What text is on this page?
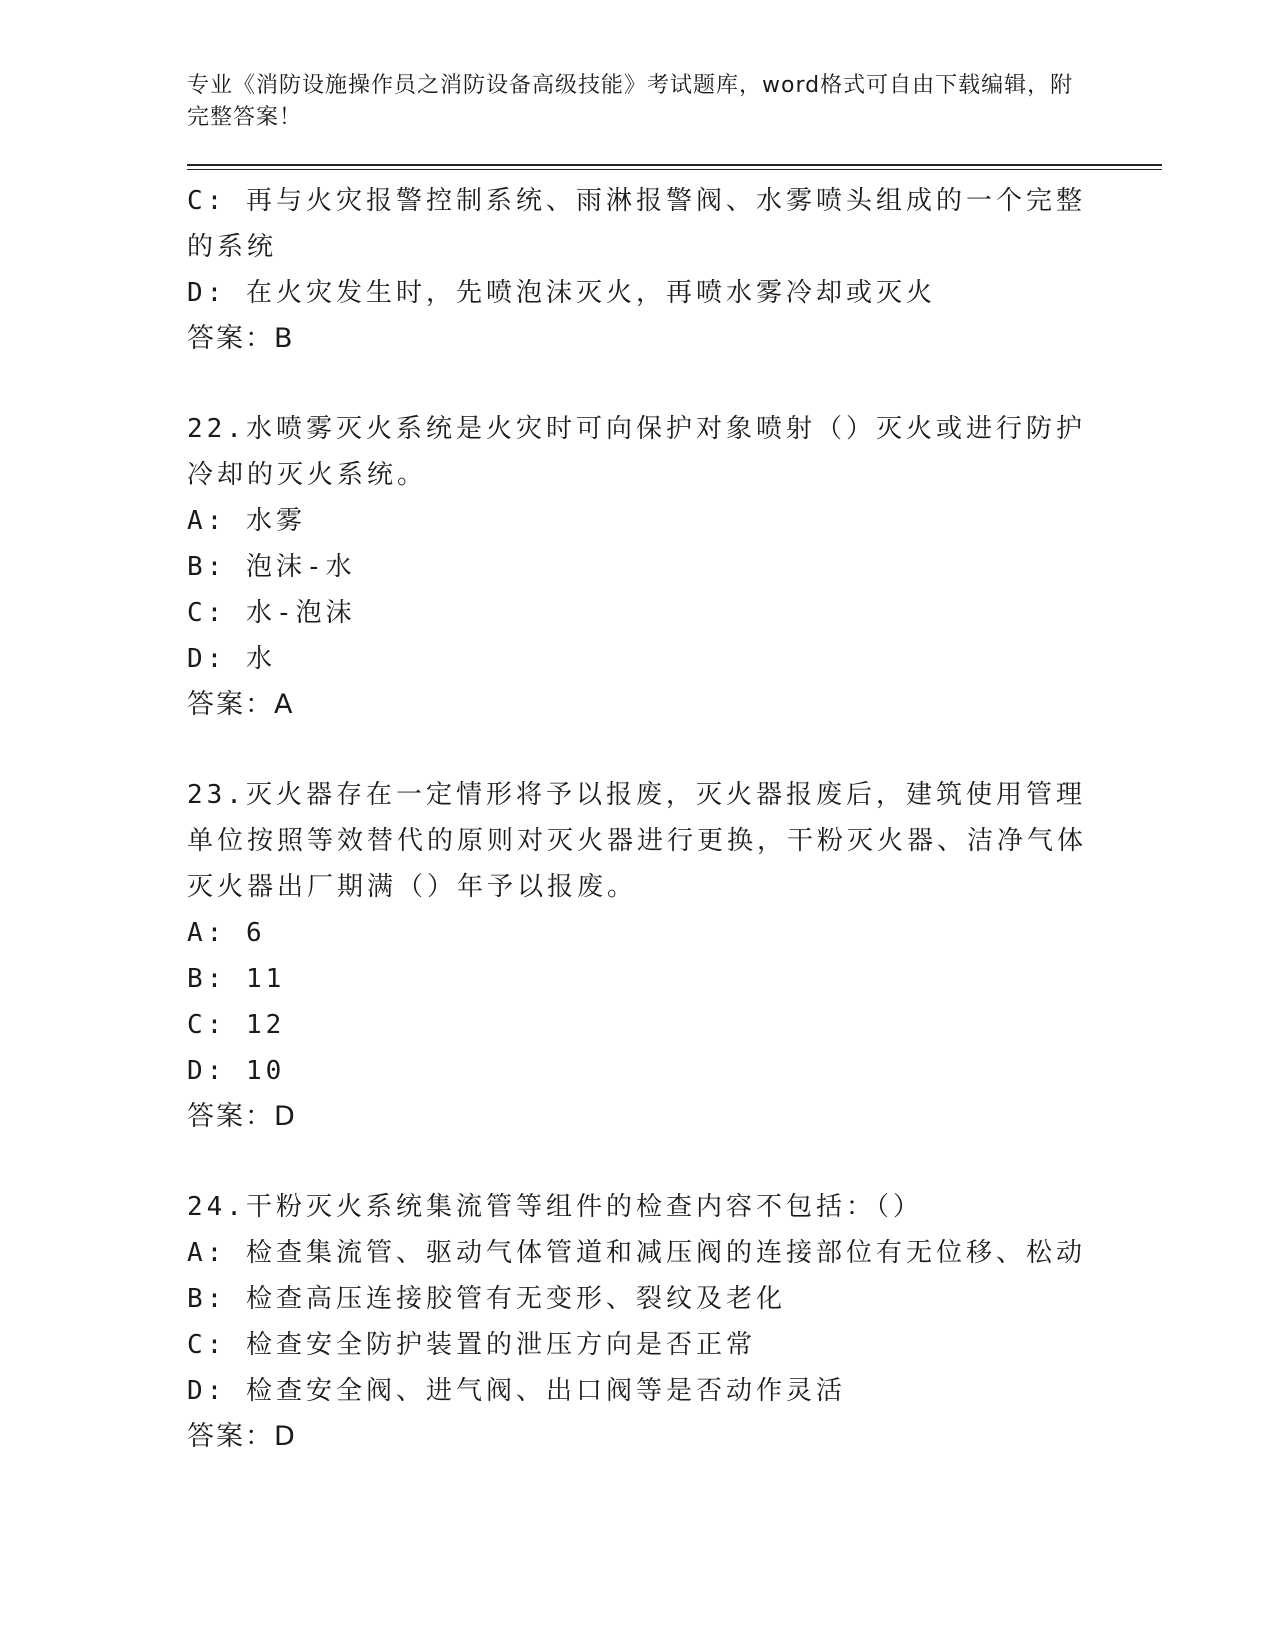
专业《消防设施操作员之消防设备高级技能》考试题库，word格式可自由下载编辑，附完整答案！

C: 再与火灾报警控制系统、雨淋报警阀、水雾喷头组成的一个完整的系统

D: 在火灾发生时，先喷泡沫灭火，再喷水雾冷却或灭火

答案：B

22.水喷雾灭火系统是火灾时可向保护对象喷射（）灭火或进行防护冷却的灭火系统。

A: 水雾

B: 泡沫-水

C: 水-泡沫

D: 水

答案：A

23.灭火器存在一定情形将予以报废，灭火器报废后，建筑使用管理单位按照等效替代的原则对灭火器进行更换，干粉灭火器、洁净气体灭火器出厂期满（）年予以报废。

A: 6

B: 11

C: 12

D: 10

答案：D

24.干粉灭火系统集流管等组件的检查内容不包括：（）

A: 检查集流管、驱动气体管道和减压阀的连接部位有无位移、松动

B: 检查高压连接胶管有无变形、裂纹及老化

C: 检查安全防护装置的泄压方向是否正常

D: 检查安全阀、进气阀、出口阀等是否动作灵活

答案：D
